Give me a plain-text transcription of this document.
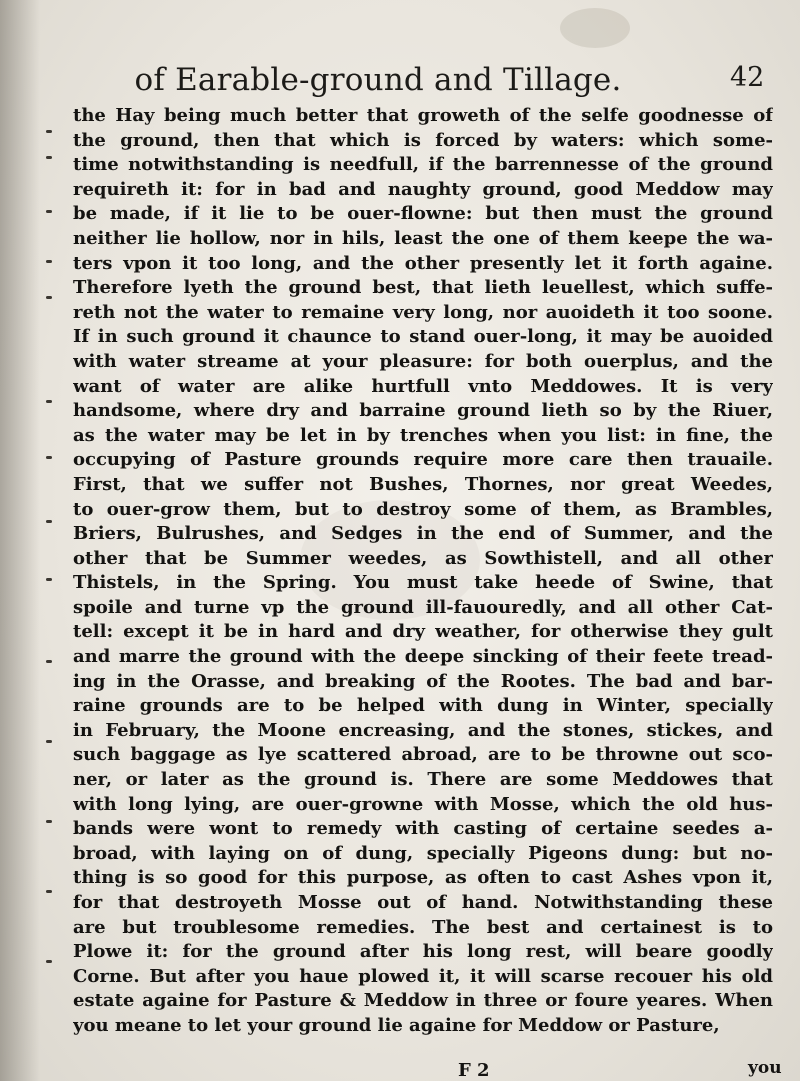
of Earable-ground and Tillage.	42
the Hay being much better that groweth of the selfe goodnesse of
the ground, then that which is forced by waters: which some-
time notwithstanding is needfull, if the barrennesse of the ground
requireth it: for in bad and naughty ground, good Meddow may
be made, if it lie to be ouer-flowne: but then must the ground
neither lie hollow, nor in hils, least the one of them keepe the wa-
ters vpon it too long, and the other presently let it forth againe.
Therefore lyeth the ground best, that lieth leuellest, which suffe-
reth not the water to remaine very long, nor auoideth it too soone.
If in such ground it chaunce to stand ouer-long, it may be auoided
with water streame at your pleasure: for both ouerplus, and the
want of water are alike hurtfull vnto Meddowes. It is very
handsome, where dry and barraine ground lieth so by the Riuer,
as the water may be let in by trenches when you list: in fine, the
occupying of Pasture grounds require more care then trauaile.
First, that we suffer not Bushes, Thornes, nor great Weedes,
to ouer-grow them, but to destroy some of them, as Brambles,
Briers, Bulrushes, and Sedges in the end of Summer, and the
other that be Summer weedes, as Sowthistell, and all other
Thistels, in the Spring. You must take heede of Swine, that
spoile and turne vp the ground ill-fauouredly, and all other Cat-
tell: except it be in hard and dry weather, for otherwise they gult
and marre the ground with the deepe sincking of their feete tread-
ing in the Orasse, and breaking of the Rootes. The bad and bar-
raine grounds are to be helped with dung in Winter, specially
in February, the Moone encreasing, and the stones, stickes, and
such baggage as lye scattered abroad, are to be throwne out sco-
ner, or later as the ground is. There are some Meddowes that
with long lying, are ouer-growne with Mosse, which the old hus-
bands were wont to remedy with casting of certaine seedes a-
broad, with laying on of dung, specially Pigeons dung: but no-
thing is so good for this purpose, as often to cast Ashes vpon it,
for that destroyeth Mosse out of hand. Notwithstanding these
are but troublesome remedies. The best and certainest is to
Plowe it: for the ground after his long rest, will beare goodly
Corne. But after you haue plowed it, it will scarse recouer his old
estate againe for Pasture & Meddow in three or foure yeares. When
you meane to let your ground lie againe for Meddow or Pasture,
F 2	you
